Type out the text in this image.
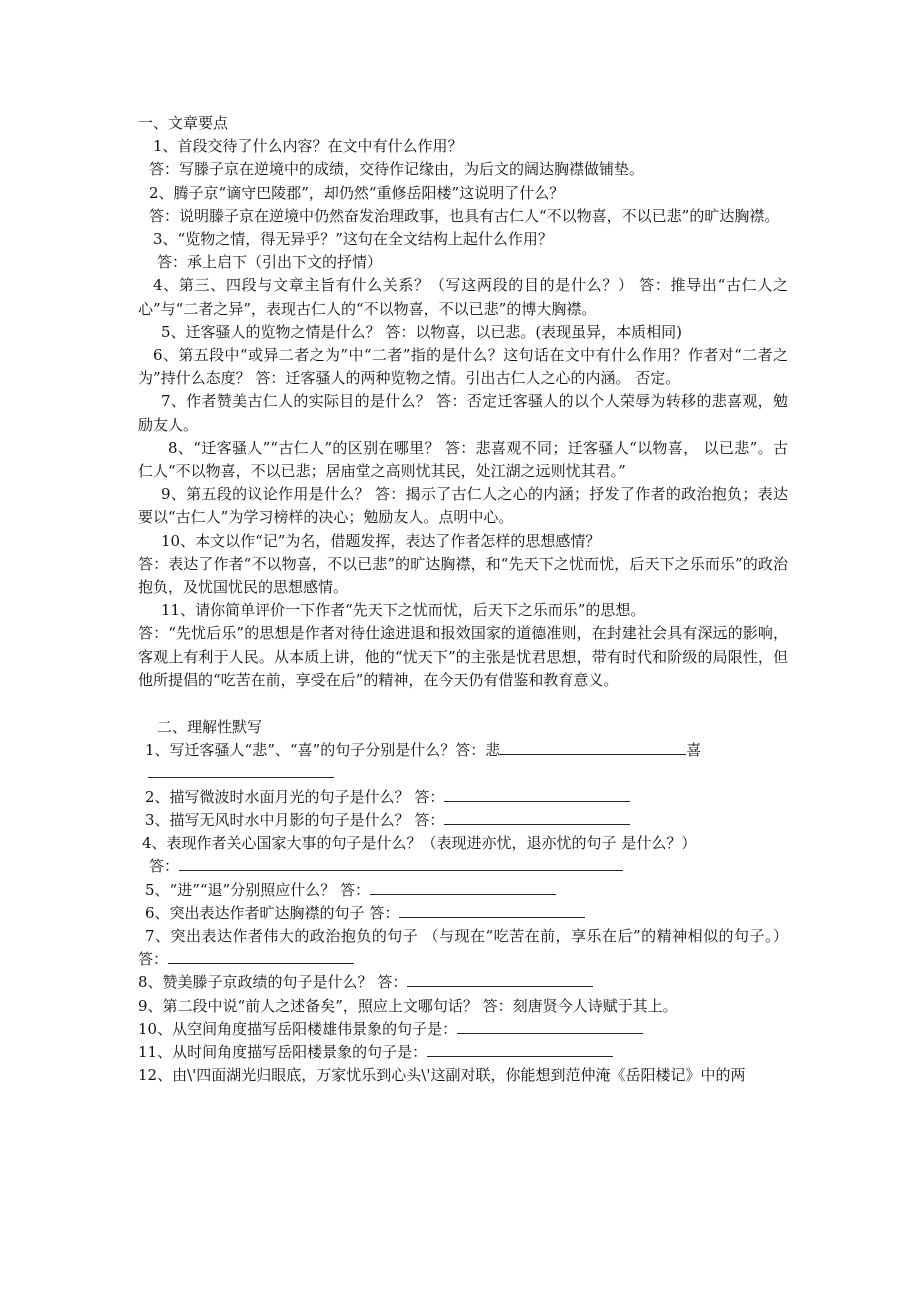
一、文章要点

1、首段交待了什么内容？在文中有什么作用？

答：写滕子京在逆境中的成绩，交待作记缘由，为后文的阔达胸襟做铺垫。

2、腾子京“谪守巴陵郡”，却仍然“重修岳阳楼”这说明了什么？

答：说明滕子京在逆境中仍然奋发治理政事，也具有古仁人“不以物喜，不以已悲”的旷达胸襟。

3、“览物之情，得无异乎？”这句在全文结构上起什么作用？

答：承上启下（引出下文的抒情）

4、第三、四段与文章主旨有什么关系？（写这两段的目的是什么？） 答：推导出“古仁人之心”与“二者之异”，表现古仁人的“不以物喜，不以已悲”的博大胸襟。

5、迁客骚人的览物之情是什么？ 答：以物喜，以已悲。(表现虽异，本质相同)

6、第五段中“或异二者之为”中“二者”指的是什么？这句话在文中有什么作用？作者对“二者之为”持什么态度？ 答：迁客骚人的两种览物之情。引出古仁人之心的内涵。 否定。

7、作者赞美古仁人的实际目的是什么？ 答：否定迁客骚人的以个人荣辱为转移的悲喜观，勉励友人。

8、“迁客骚人”“古仁人”的区别在哪里？ 答：悲喜观不同；迁客骚人“以物喜， 以已悲”。古仁人“不以物喜，不以已悲；居庙堂之高则忧其民，处江湖之远则忧其君。”

9、第五段的议论作用是什么？ 答：揭示了古仁人之心的内涵；抒发了作者的政治抱负；表达要以“古仁人”为学习榜样的决心；勉励友人。点明中心。

10、本文以作“记”为名，借题发挥，表达了作者怎样的思想感情？

答：表达了作者“不以物喜，不以已悲”的旷达胸襟，和“先天下之忧而忧，后天下之乐而乐”的政治抱负，及忧国忧民的思想感情。

11、请你简单评价一下作者“先天下之忧而忧，后天下之乐而乐”的思想。

答：“先忧后乐”的思想是作者对待仕途进退和报效国家的道德准则，在封建社会具有深远的影响，客观上有利于人民。从本质上讲，他的“忧天下”的主张是忧君思想，带有时代和阶级的局限性，但他所提倡的“吃苦在前，享受在后”的精神，在今天仍有借鉴和教育意义。

二、理解性默写

1、写迁客骚人“悲”、“喜”的句子分别是什么？答：悲	喜

2、描写微波时水面月光的句子是什么？ 答：

3、描写无风时水中月影的句子是什么？ 答：

4、表现作者关心国家大事的句子是什么？（表现进亦忧，退亦忧的句子 是什么？）

答：

5、“进”“退”分别照应什么？ 答：

6、突出表达作者旷达胸襟的句子 答：

7、突出表达作者伟大的政治抱负的句子 （与现在“吃苦在前，享乐在后”的精神相似的句子。）答：

8、赞美滕子京政绩的句子是什么？ 答：

9、第二段中说“前人之述备矣”，照应上文哪句话？ 答：刻唐贤今人诗赋于其上。

10、从空间角度描写岳阳楼雄伟景象的句子是：

11、从时间角度描写岳阳楼景象的句子是：

12、由\'四面湖光归眼底，万家忧乐到心头\'这副对联，你能想到范仲淹《岳阳楼记》中的两
